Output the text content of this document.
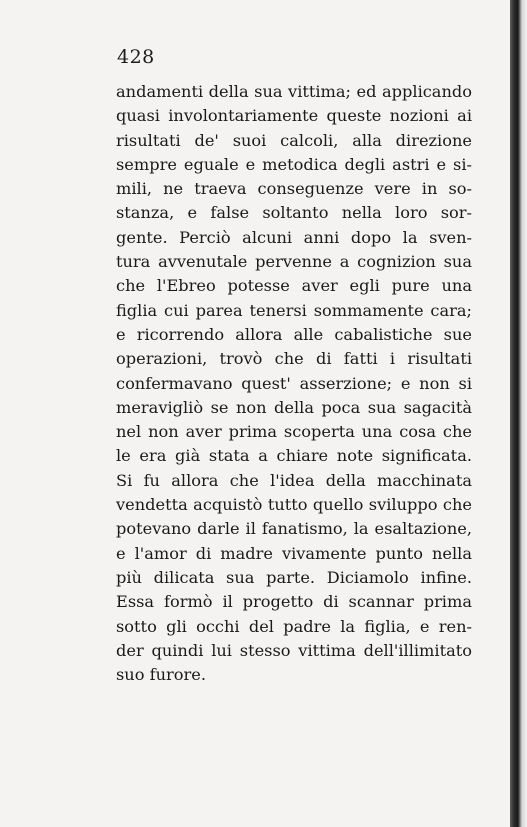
428
andamenti della sua vittima; ed applicando
quasi involontariamente queste nozioni ai
risultati de' suoi calcoli, alla direzione
sempre eguale e metodica degli astri e si-
mili, ne traeva conseguenze vere in so-
stanza, e false soltanto nella loro sor-
gente. Perciò alcuni anni dopo la sven-
tura avvenutale pervenne a cognizion sua
che l'Ebreo potesse aver egli pure una
figlia cui parea tenersi sommamente cara;
e ricorrendo allora alle cabalistiche sue
operazioni, trovò che di fatti i risultati
confermavano quest' asserzione; e non si
meravigliò se non della poca sua sagacità
nel non aver prima scoperta una cosa che
le era già stata a chiare note significata.
Si fu allora che l'idea della macchinata
vendetta acquistò tutto quello sviluppo che
potevano darle il fanatismo, la esaltazione,
e l'amor di madre vivamente punto nella
più dilicata sua parte. Diciamolo infine.
Essa formò il progetto di scannar prima
sotto gli occhi del padre la figlia, e ren-
der quindi lui stesso vittima dell'illimitato
suo furore.
